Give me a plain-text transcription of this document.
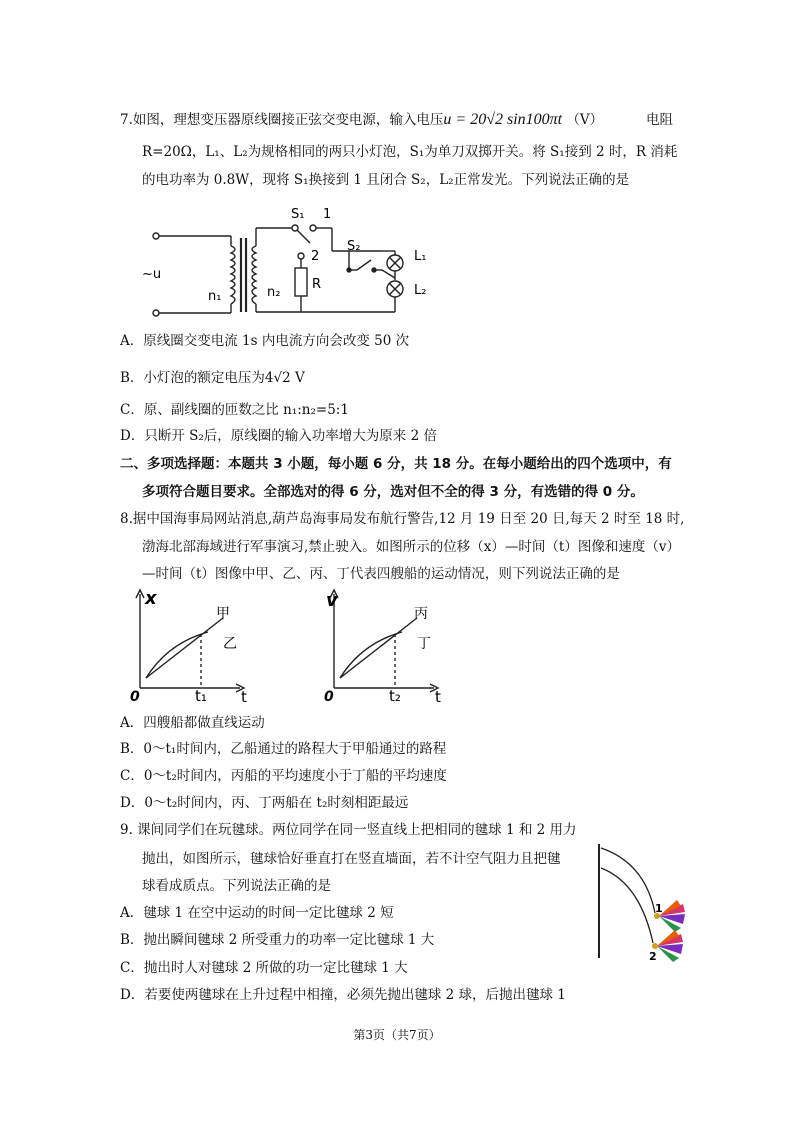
7.如图，理想变压器原线圈接正弦交变电源，输入电压u = 20√2 sin100πt （V）	电阻
R=20Ω，L₁、L₂为规格相同的两只小灯泡，S₁为单刀双掷开关。将 S₁接到 2 时，R 消耗
的电功率为 0.8W，现将 S₁换接到 1 且闭合 S₂，L₂正常发光。下列说法正确的是
S₁ 1
2
S₂
L₁
L₂
R
~u
n₁	n₂
A．原线圈交变电流 1s 内电流方向会改变 50 次
B．小灯泡的额定电压为4√2 V
C．原、副线圈的匝数之比 n₁:n₂=5:1
D．只断开 S₂后，原线圈的输入功率增大为原来 2 倍
二、多项选择题：本题共 3 小题，每小题 6 分，共 18 分。在每小题给出的四个选项中，有
多项符合题目要求。全部选对的得 6 分，选对但不全的得 3 分，有选错的得 0 分。
8.据中国海事局网站消息,葫芦岛海事局发布航行警告,12 月 19 日至 20 日,每天 2 时至 18 时,
渤海北部海域进行军事演习,禁止驶入。如图所示的位移（x）—时间（t）图像和速度（v）
—时间（t）图像中甲、乙、丙、丁代表四艘船的运动情况，则下列说法正确的是
x
t
0	t₁
甲
乙
v
t
0	t₂
丙
丁
A．四艘船都做直线运动
B．0～t₁时间内，乙船通过的路程大于甲船通过的路程
C．0～t₂时间内，丙船的平均速度小于丁船的平均速度
D．0～t₂时间内，丙、丁两船在 t₂时刻相距最远
9. 课间同学们在玩毽球。两位同学在同一竖直线上把相同的毽球 1 和 2 用力
抛出，如图所示，毽球恰好垂直打在竖直墙面，若不计空气阻力且把毽
球看成质点。下列说法正确的是
1
2
A．毽球 1 在空中运动的时间一定比毽球 2 短
B．抛出瞬间毽球 2 所受重力的功率一定比毽球 1 大
C．抛出时人对毽球 2 所做的功一定比毽球 1 大
D．若要使两毽球在上升过程中相撞，必须先抛出毽球 2 球，后抛出毽球 1
第3页（共7页）
